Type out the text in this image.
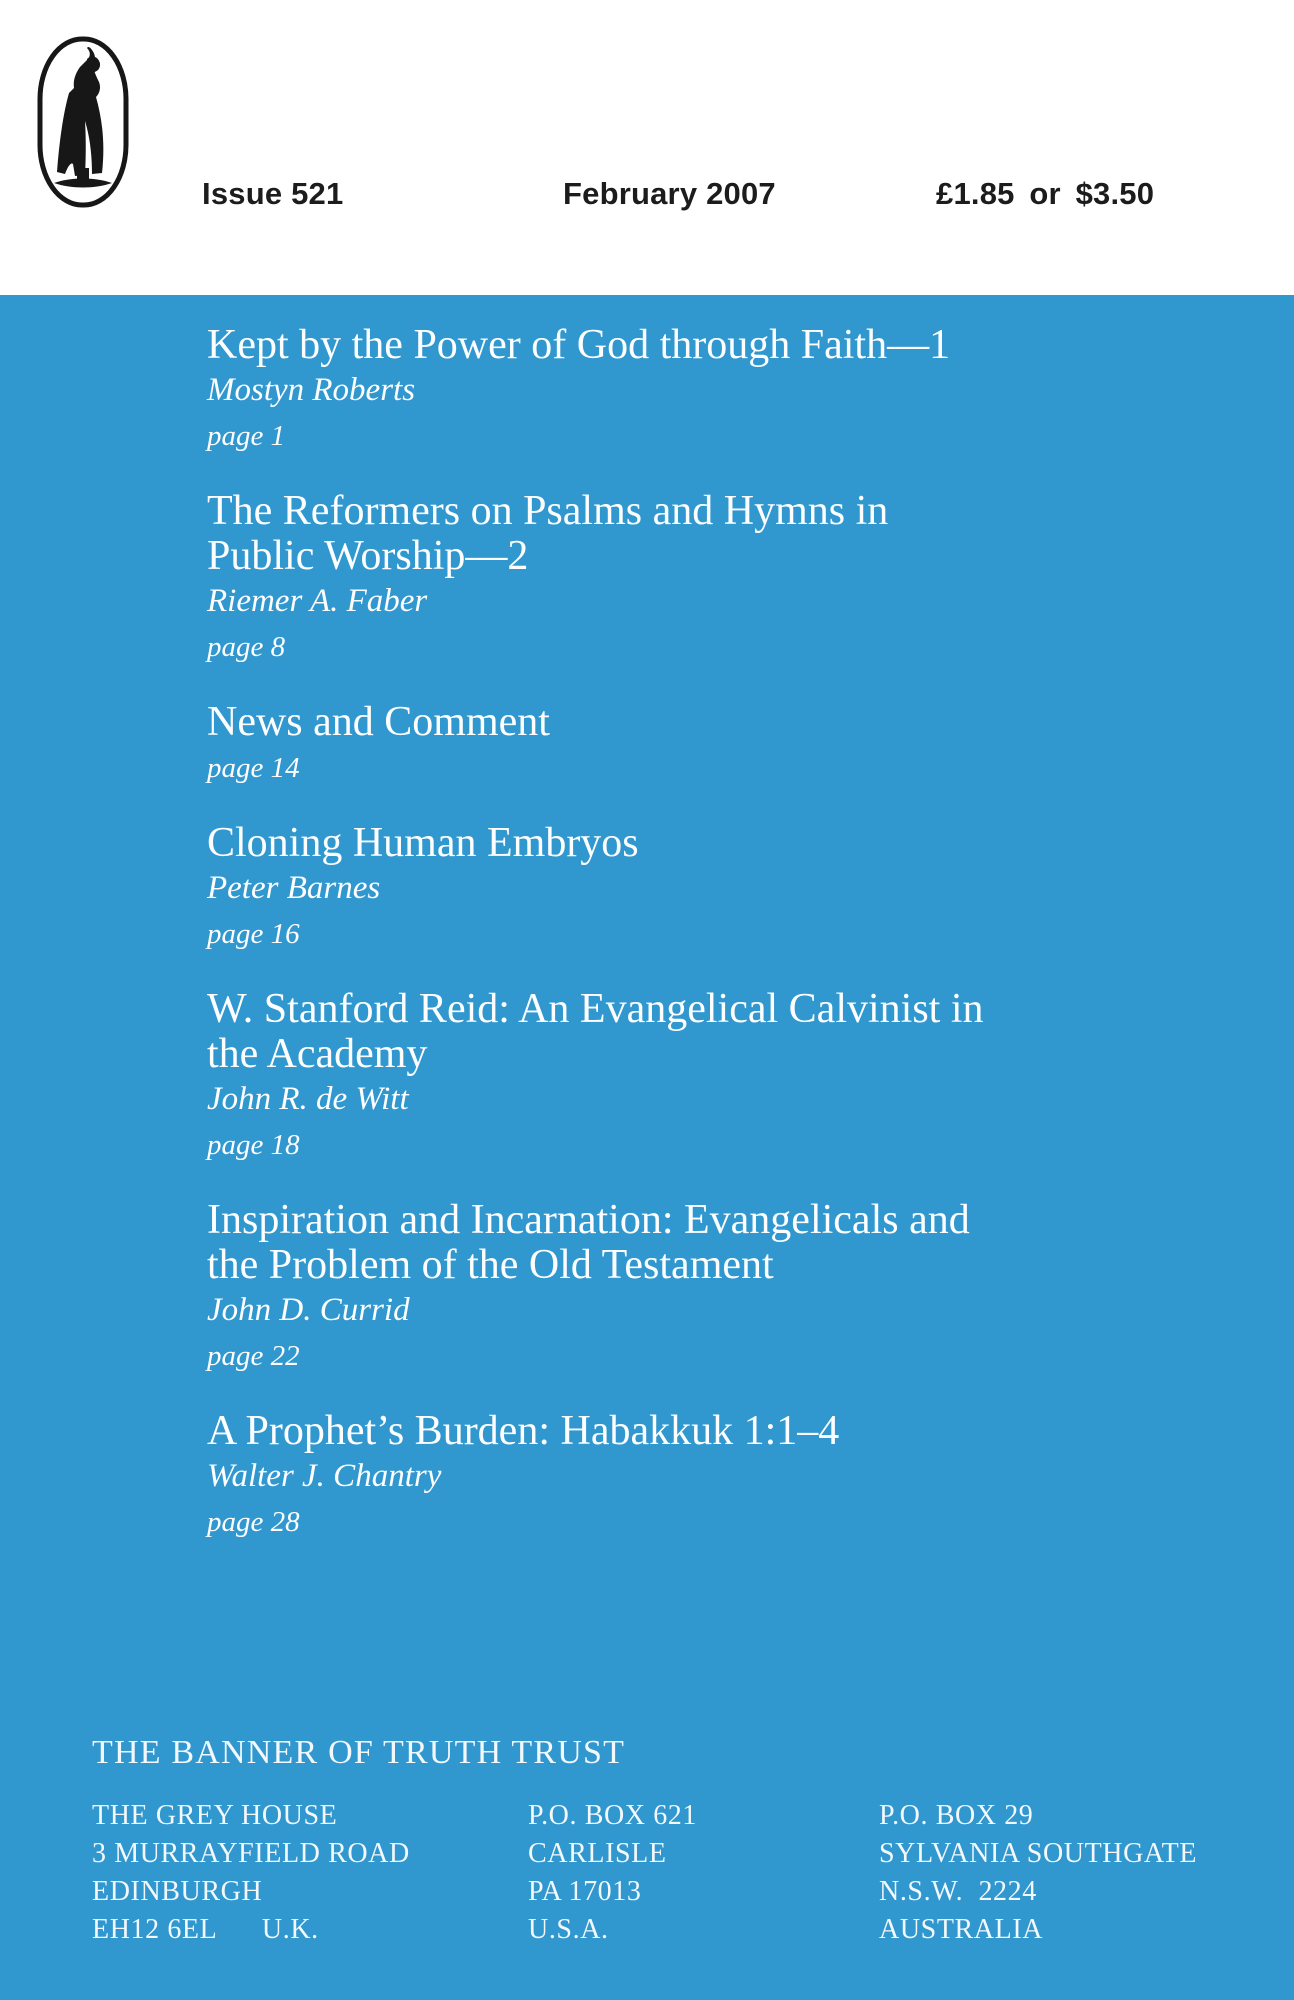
Issue 521	February 2007	£1.85 or $3.50
Kept by the Power of God through Faith—1
Mostyn Roberts
page 1
The Reformers on Psalms and Hymns in
Public Worship—2
Riemer A. Faber
page 8
News and Comment
page 14
Cloning Human Embryos
Peter Barnes
page 16
W. Stanford Reid: An Evangelical Calvinist in
the Academy
John R. de Witt
page 18
Inspiration and Incarnation: Evangelicals and
the Problem of the Old Testament
John D. Currid
page 22
A Prophet’s Burden: Habakkuk 1:1–4
Walter J. Chantry
page 28
THE BANNER OF TRUTH TRUST
THE GREY HOUSE
3 MURRAYFIELD ROAD
EDINBURGH
EH12 6EL      U.K.
P.O. BOX 621
CARLISLE
PA 17013
U.S.A.
P.O. BOX 29
SYLVANIA SOUTHGATE
N.S.W.  2224
AUSTRALIA
